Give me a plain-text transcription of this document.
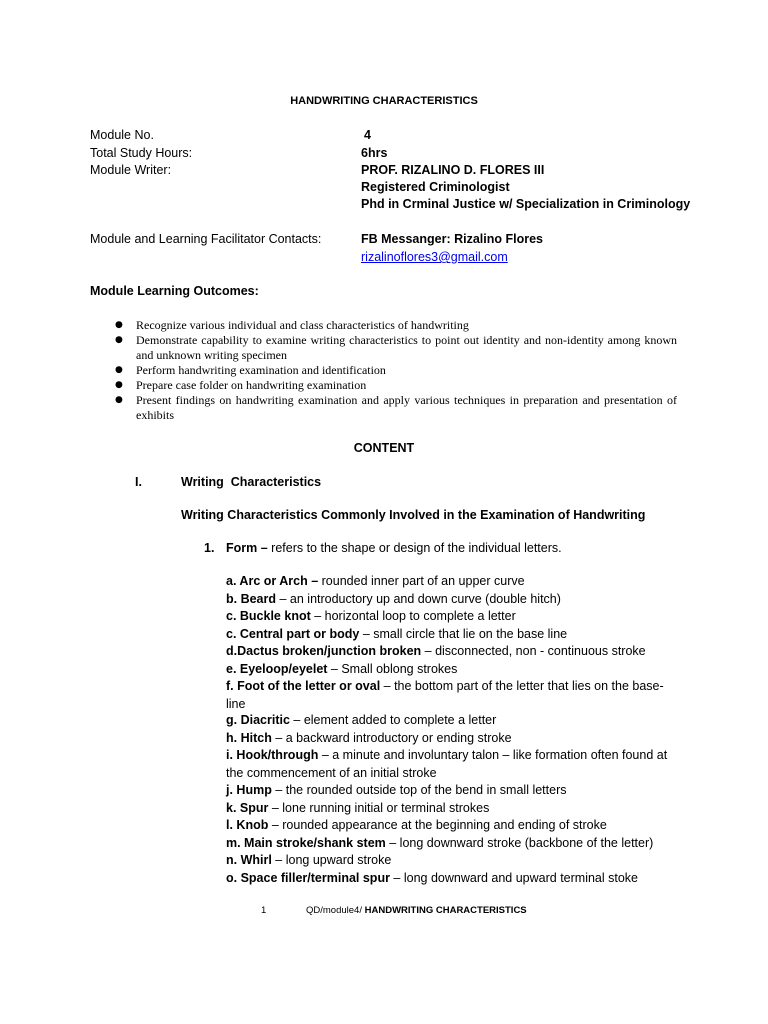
HANDWRITING CHARACTERISTICS
Module No.	4
Total Study Hours:	6hrs
Module Writer:	PROF. RIZALINO D. FLORES III
Registered Criminologist
Phd in Crminal Justice w/ Specialization in Criminology
Module and Learning Facilitator Contacts:	FB Messanger: Rizalino Flores
rizalinoflores3@gmail.com
Module Learning Outcomes:
● Recognize various individual and class characteristics of handwriting
● Demonstrate capability to examine writing characteristics to point out identity and non-identity among known and unknown writing specimen
● Perform handwriting examination and identification
● Prepare case folder on handwriting examination
● Present findings on handwriting examination and apply various techniques in preparation and presentation of exhibits
CONTENT
I.	Writing  Characteristics
Writing Characteristics Commonly Involved in the Examination of Handwriting
1. Form – refers to the shape or design of the individual letters.
a. Arc or Arch – rounded inner part of an upper curve
b. Beard – an introductory up and down curve (double hitch)
c. Buckle knot – horizontal loop to complete a letter
c. Central part or body – small circle that lie on the base line
d.Dactus broken/junction broken – disconnected, non - continuous stroke
e. Eyeloop/eyelet – Small oblong strokes
f. Foot of the letter or oval – the bottom part of the letter that lies on the base-line
g. Diacritic – element added to complete a letter
h. Hitch – a backward introductory or ending stroke
i. Hook/through – a minute and involuntary talon – like formation often found at the commencement of an initial stroke
j. Hump – the rounded outside top of the bend in small letters
k. Spur – lone running initial or terminal strokes
l. Knob – rounded appearance at the beginning and ending of stroke
m. Main stroke/shank stem – long downward stroke (backbone of the letter)
n. Whirl – long upward stroke
o. Space filler/terminal spur – long downward and upward terminal stoke
1	QD/module4/ HANDWRITING CHARACTERISTICS
